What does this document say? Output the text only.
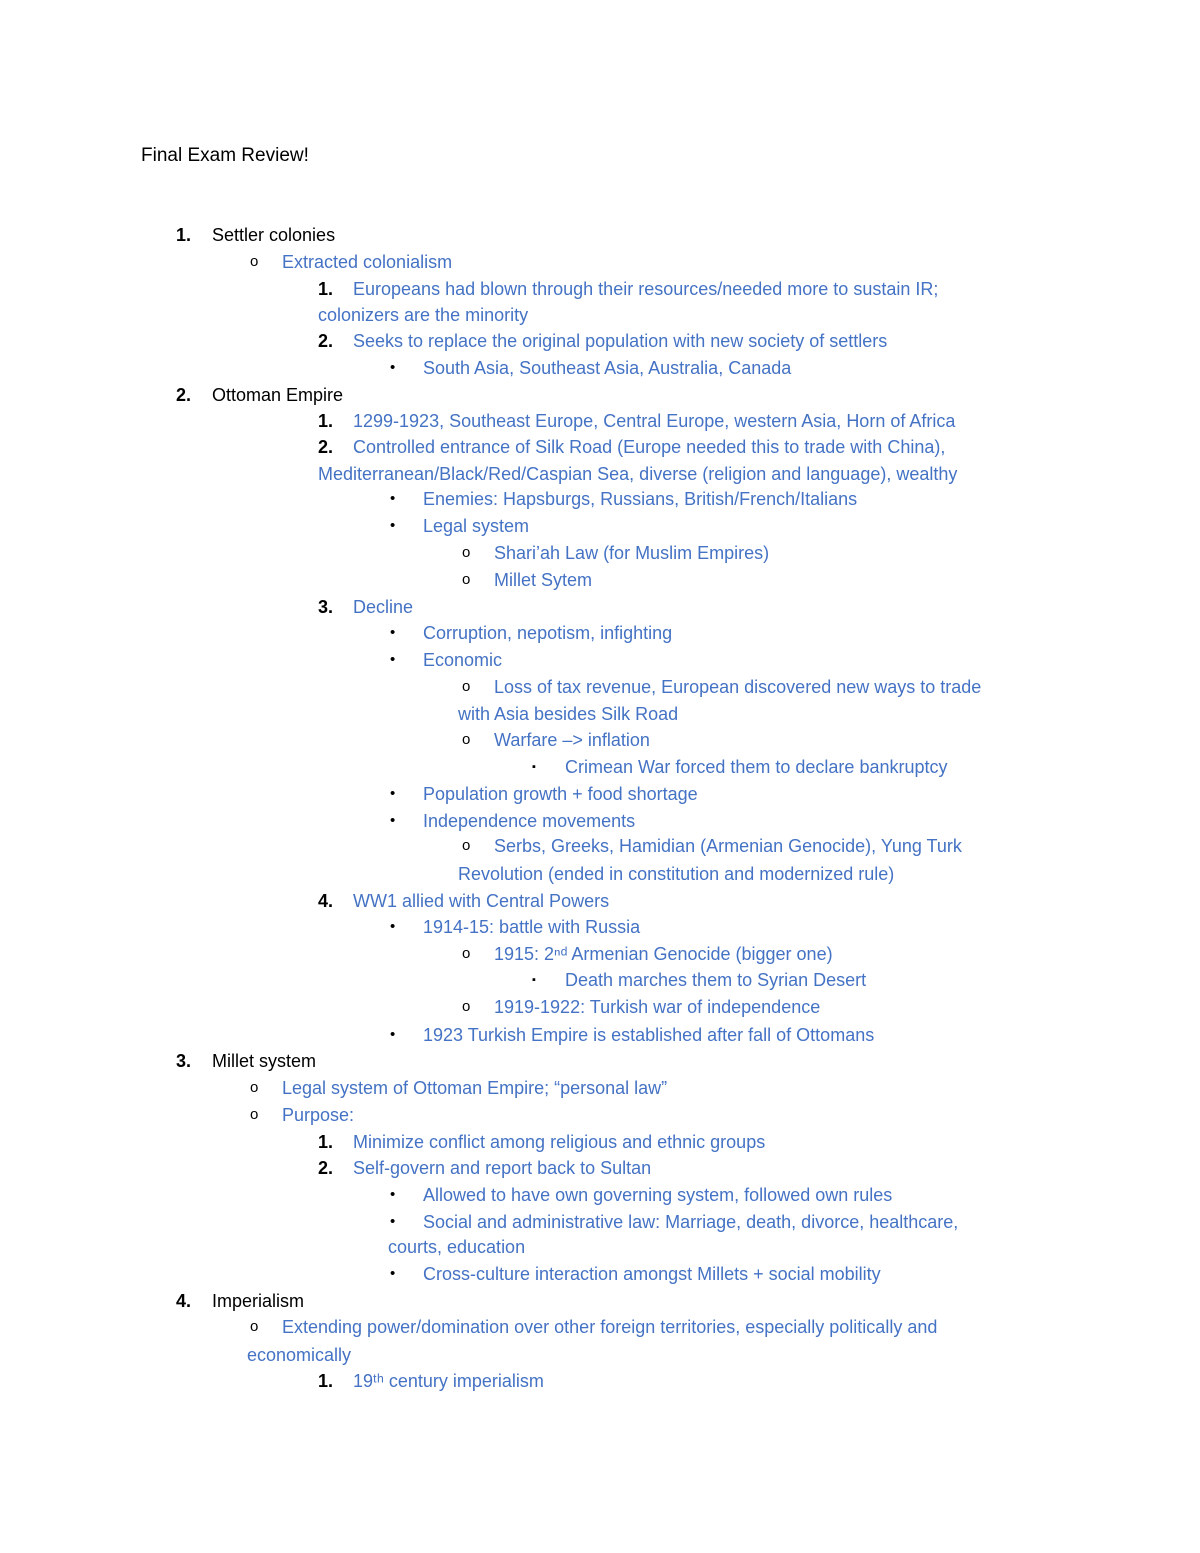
Final Exam Review!
1. Settler colonies
o Extracted colonialism
1. Europeans had blown through their resources/needed more to sustain IR;
colonizers are the minority
2. Seeks to replace the original population with new society of settlers
• South Asia, Southeast Asia, Australia, Canada
2. Ottoman Empire
1. 1299-1923, Southeast Europe, Central Europe, western Asia, Horn of Africa
2. Controlled entrance of Silk Road (Europe needed this to trade with China),
Mediterranean/Black/Red/Caspian Sea, diverse (religion and language), wealthy
• Enemies: Hapsburgs, Russians, British/French/Italians
• Legal system
o Shari’ah Law (for Muslim Empires)
o Millet Sytem
3. Decline
• Corruption, nepotism, infighting
• Economic
o Loss of tax revenue, European discovered new ways to trade
with Asia besides Silk Road
o Warfare –> inflation
▪ Crimean War forced them to declare bankruptcy
• Population growth + food shortage
• Independence movements
o Serbs, Greeks, Hamidian (Armenian Genocide), Yung Turk
Revolution (ended in constitution and modernized rule)
4. WW1 allied with Central Powers
• 1914-15: battle with Russia
o 1915: 2ⁿᵈ Armenian Genocide (bigger one)
▪ Death marches them to Syrian Desert
o 1919-1922: Turkish war of independence
• 1923 Turkish Empire is established after fall of Ottomans
3. Millet system
o Legal system of Ottoman Empire; “personal law”
o Purpose:
1. Minimize conflict among religious and ethnic groups
2. Self-govern and report back to Sultan
• Allowed to have own governing system, followed own rules
• Social and administrative law: Marriage, death, divorce, healthcare,
courts, education
• Cross-culture interaction amongst Millets + social mobility
4. Imperialism
o Extending power/domination over other foreign territories, especially politically and
economically
1. 19ᵗʰ century imperialism
